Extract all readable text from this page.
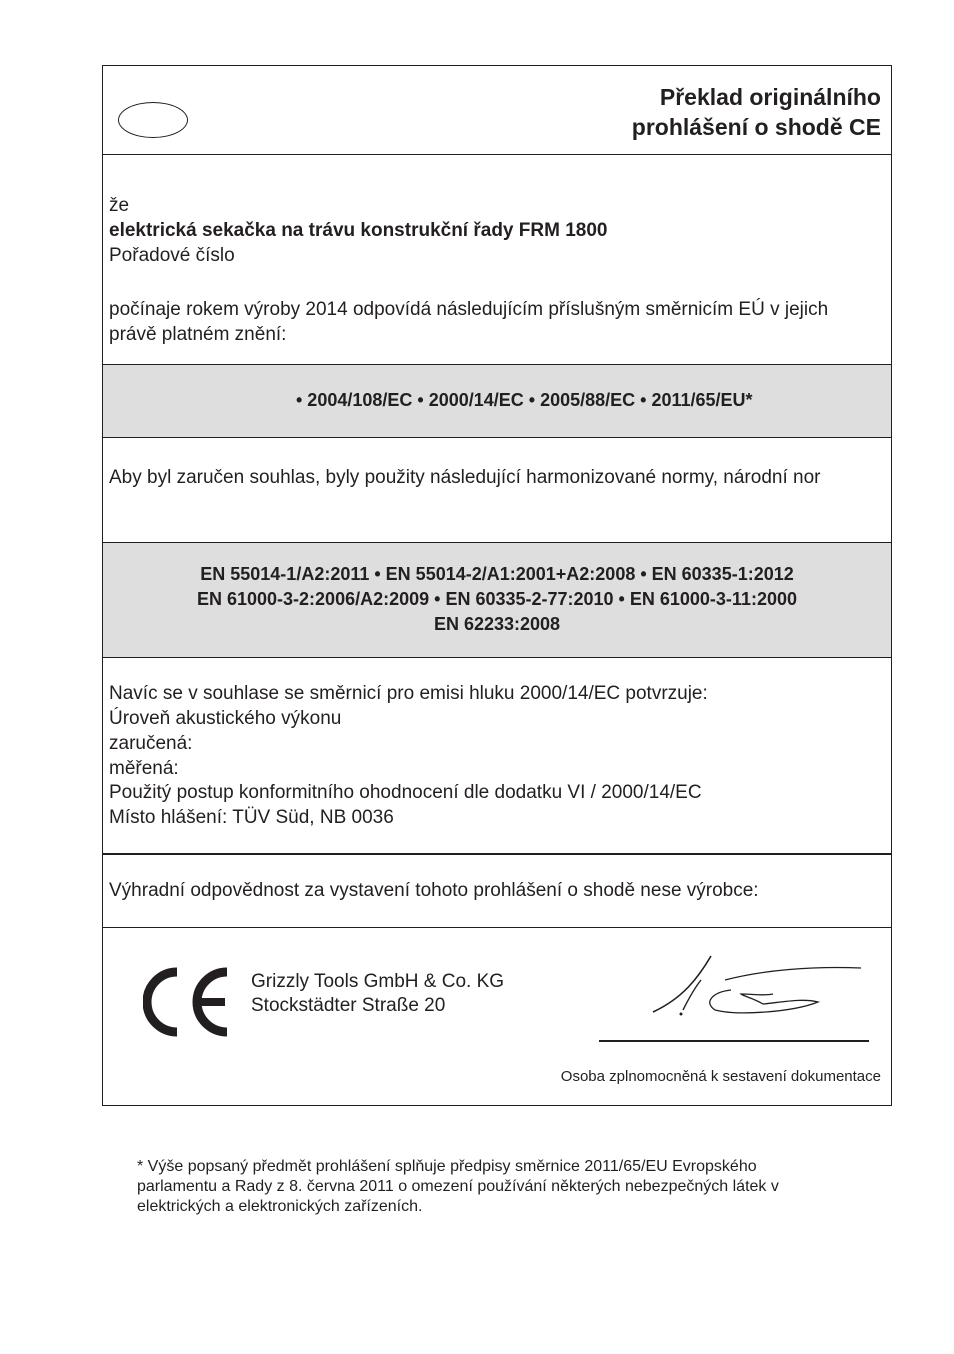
Překlad originálního
prohlášení o shodě CE
že
elektrická sekačka na trávu konstrukční řady FRM 1800
Pořadové číslo
počínaje rokem výroby 2014 odpovídá následujícím příslušným směrnicím EÚ v jejich
právě platném znění:
• 2004/108/EC • 2000/14/EC • 2005/88/EC • 2011/65/EU*
Aby byl zaručen souhlas, byly použity následující harmonizované normy, národní nor
EN 55014-1/A2:2011 • EN 55014-2/A1:2001+A2:2008 • EN 60335-1:2012
EN 61000-3-2:2006/A2:2009 • EN 60335-2-77:2010 • EN 61000-3-11:2000
EN 62233:2008
Navíc se v souhlase se směrnicí pro emisi hluku 2000/14/EC potvrzuje:
Úroveň akustického výkonu
zaručená:
měřená:
Použitý postup konformitního ohodnocení dle dodatku VI / 2000/14/EC
Místo hlášení: TÜV Süd, NB 0036
Výhradní odpovědnost za vystavení tohoto prohlášení o shodě nese výrobce:
Grizzly Tools GmbH & Co. KG
Stockstädter Straße 20
Osoba zplnomocněná k sestavení dokumentace
* Výše popsaný předmět prohlášení splňuje předpisy směrnice 2011/65/EU Evropského
parlamentu a Rady z 8. června 2011 o omezení používání některých nebezpečných látek v
elektrických a elektronických zařízeních.
